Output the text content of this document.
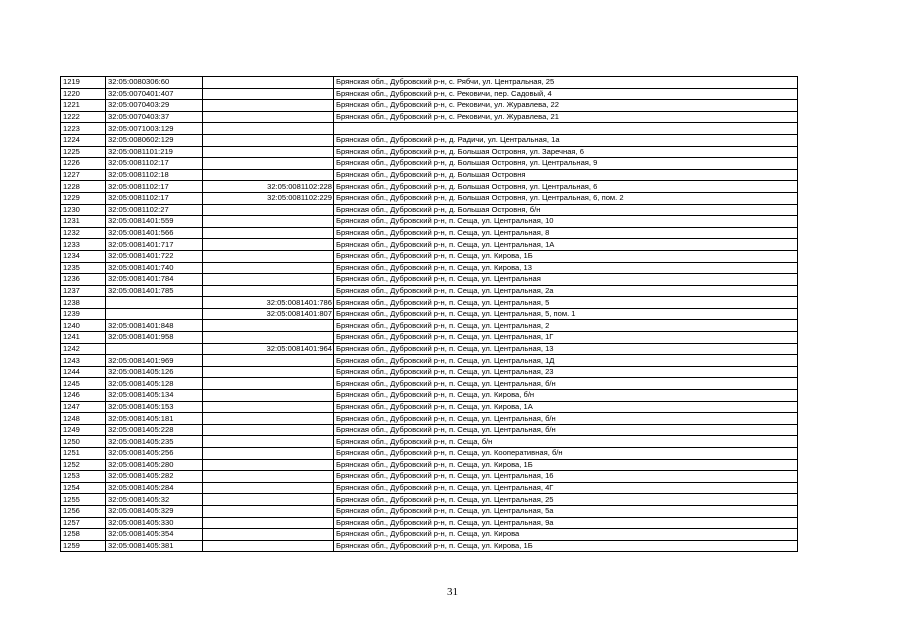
1219	32:05:0080306:60		Брянская обл., Дубровский р-н, с. Рябчи, ул. Центральная, 25
1220	32:05:0070401:407		Брянская обл., Дубровский р-н, с. Рековичи, пер. Садовый, 4
1221	32:05:0070403:29		Брянская обл., Дубровский р-н, с. Рековичи, ул. Журавлева, 22
1222	32:05:0070403:37		Брянская обл., Дубровский р-н, с. Рековичи, ул. Журавлева, 21
1223	32:05:0071003:129		
1224	32:05:0080602:129		Брянская обл., Дубровский р-н, д. Радичи, ул. Центральная, 1а
1225	32:05:0081101:219		Брянская обл., Дубровский р-н, д. Большая Островня, ул. Заречная, 6
1226	32:05:0081102:17		Брянская обл., Дубровский р-н, д. Большая Островня, ул. Центральная, 9
1227	32:05:0081102:18		Брянская обл., Дубровский р-н, д. Большая Островня
1228	32:05:0081102:17	32:05:0081102:228	Брянская обл., Дубровский р-н, д. Большая Островня, ул. Центральная, 6
1229	32:05:0081102:17	32:05:0081102:229	Брянская обл., Дубровский р-н, д. Большая Островня, ул. Центральная, 6, пом. 2
1230	32:05:0081102:27		Брянская обл., Дубровский р-н, д. Большая Островня, б/н
1231	32:05:0081401:559		Брянская обл., Дубровский р-н, п. Сеща, ул. Центральная, 10
1232	32:05:0081401:566		Брянская обл., Дубровский р-н, п. Сеща, ул. Центральная, 8
1233	32:05:0081401:717		Брянская обл., Дубровский р-н, п. Сеща, ул. Центральная, 1А
1234	32:05:0081401:722		Брянская обл., Дубровский р-н, п. Сеща, ул. Кирова, 1Б
1235	32:05:0081401:740		Брянская обл., Дубровский р-н, п. Сеща, ул. Кирова, 13
1236	32:05:0081401:784		Брянская обл., Дубровский р-н, п. Сеща, ул. Центральная
1237	32:05:0081401:785		Брянская обл., Дубровский р-н, п. Сеща, ул. Центральная, 2а
1238		32:05:0081401:786	Брянская обл., Дубровский р-н, п. Сеща, ул. Центральная, 5
1239		32:05:0081401:807	Брянская обл., Дубровский р-н, п. Сеща, ул. Центральная, 5, пом. 1
1240	32:05:0081401:848		Брянская обл., Дубровский р-н, п. Сеща, ул. Центральная, 2
1241	32:05:0081401:958		Брянская обл., Дубровский р-н, п. Сеща, ул. Центральная, 1Г
1242		32:05:0081401:964	Брянская обл., Дубровский р-н, п. Сеща, ул. Центральная, 13
1243	32:05:0081401:969		Брянская обл., Дубровский р-н, п. Сеща, ул. Центральная, 1Д
1244	32:05:0081405:126		Брянская обл., Дубровский р-н, п. Сеща, ул. Центральная, 23
1245	32:05:0081405:128		Брянская обл., Дубровский р-н, п. Сеща, ул. Центральная, б/н
1246	32:05:0081405:134		Брянская обл., Дубровский р-н, п. Сеща, ул. Кирова, б/н
1247	32:05:0081405:153		Брянская обл., Дубровский р-н, п. Сеща, ул. Кирова, 1А
1248	32:05:0081405:181		Брянская обл., Дубровский р-н, п. Сеща, ул. Центральная, б/н
1249	32:05:0081405:228		Брянская обл., Дубровский р-н, п. Сеща, ул. Центральная, б/н
1250	32:05:0081405:235		Брянская обл., Дубровский р-н, п. Сеща, б/н
1251	32:05:0081405:256		Брянская обл., Дубровский р-н, п. Сеща, ул. Кооперативная, б/н
1252	32:05:0081405:280		Брянская обл., Дубровский р-н, п. Сеща, ул. Кирова, 1Б
1253	32:05:0081405:282		Брянская обл., Дубровский р-н, п. Сеща, ул. Центральная, 16
1254	32:05:0081405:284		Брянская обл., Дубровский р-н, п. Сеща, ул. Центральная, 4Г
1255	32:05:0081405:32		Брянская обл., Дубровский р-н, п. Сеща, ул. Центральная, 25
1256	32:05:0081405:329		Брянская обл., Дубровский р-н, п. Сеща, ул. Центральная, 5а
1257	32:05:0081405:330		Брянская обл., Дубровский р-н, п. Сеща, ул. Центральная, 9а
1258	32:05:0081405:354		Брянская обл., Дубровский р-н, п. Сеща, ул. Кирова
1259	32:05:0081405:381		Брянская обл., Дубровский р-н, п. Сеща, ул. Кирова, 1Б
31
